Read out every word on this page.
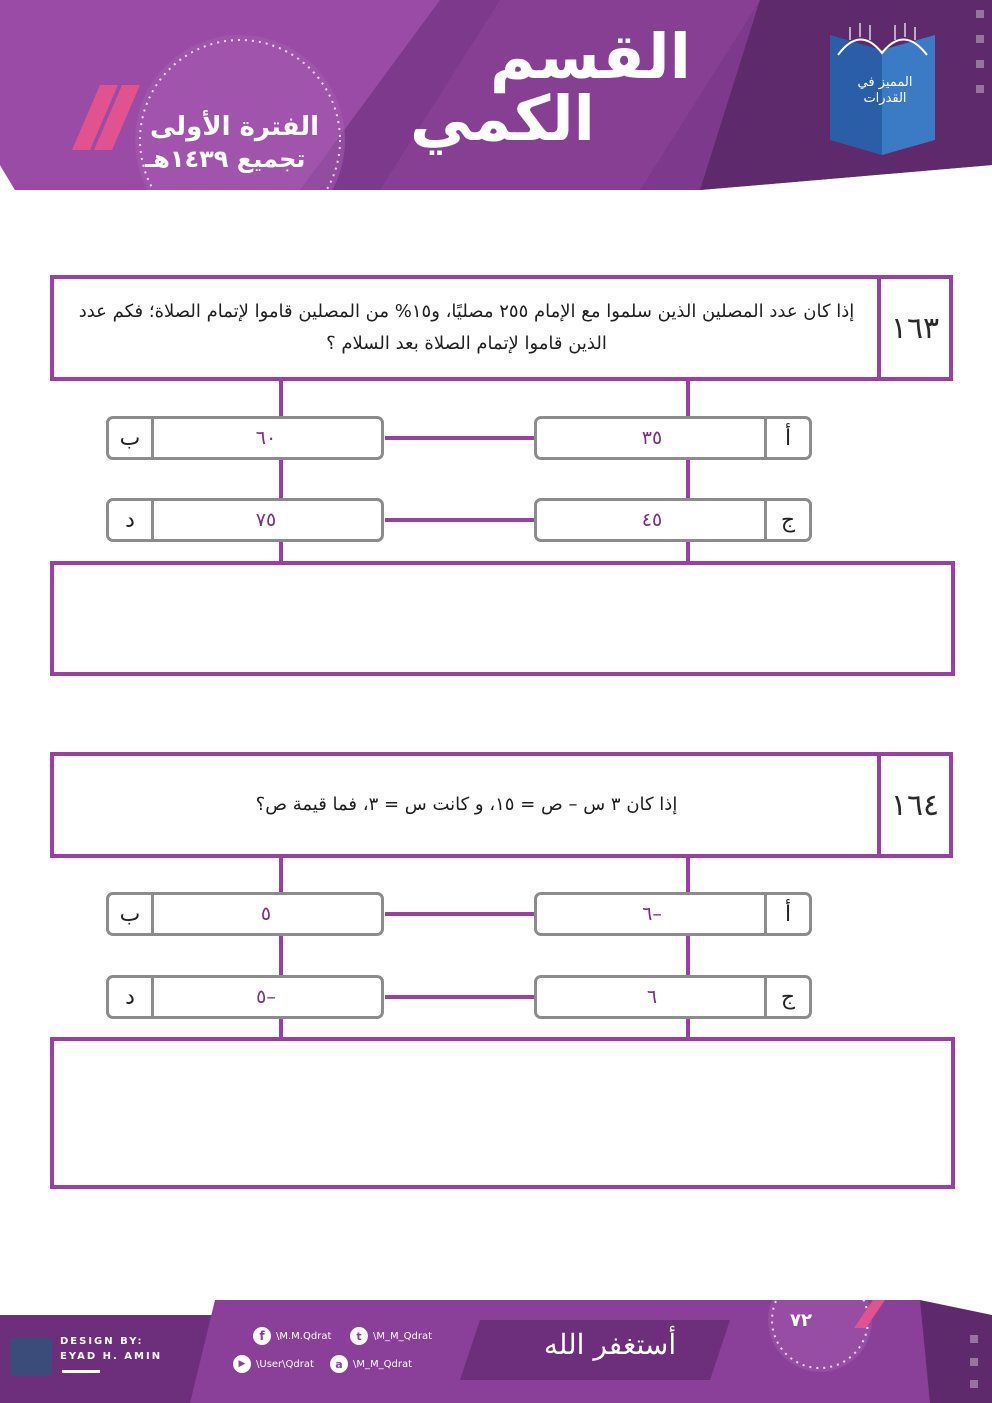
القسم
الكمي
الفترة الأولى
تجميع ١٤٣٩هـ
المميز في القدرات
إذا كان عدد المصلين الذين سلموا مع الإمام ٢٥٥ مصليًا، و١٥% من المصلين قاموا لإتمام الصلاة؛ فكم عدد الذين قاموا لإتمام الصلاة بعد السلام ؟	١٦٣
٣٥	أ
ب	٦٠
٤٥	ج
د	٧٥
إذا كان ٣ س – ص = ١٥، و كانت س = ٣، فما قيمة ص؟	١٦٤
–٦	أ
ب	٥
٦	ج
د	–٥
DESIGN BY:
EYAD H. AMIN
f	\M.M.Qdrat	t	\M_M_Qdrat
▶	\User\Qdrat	a	\M_M_Qdrat
أستغفر الله
٧٢
